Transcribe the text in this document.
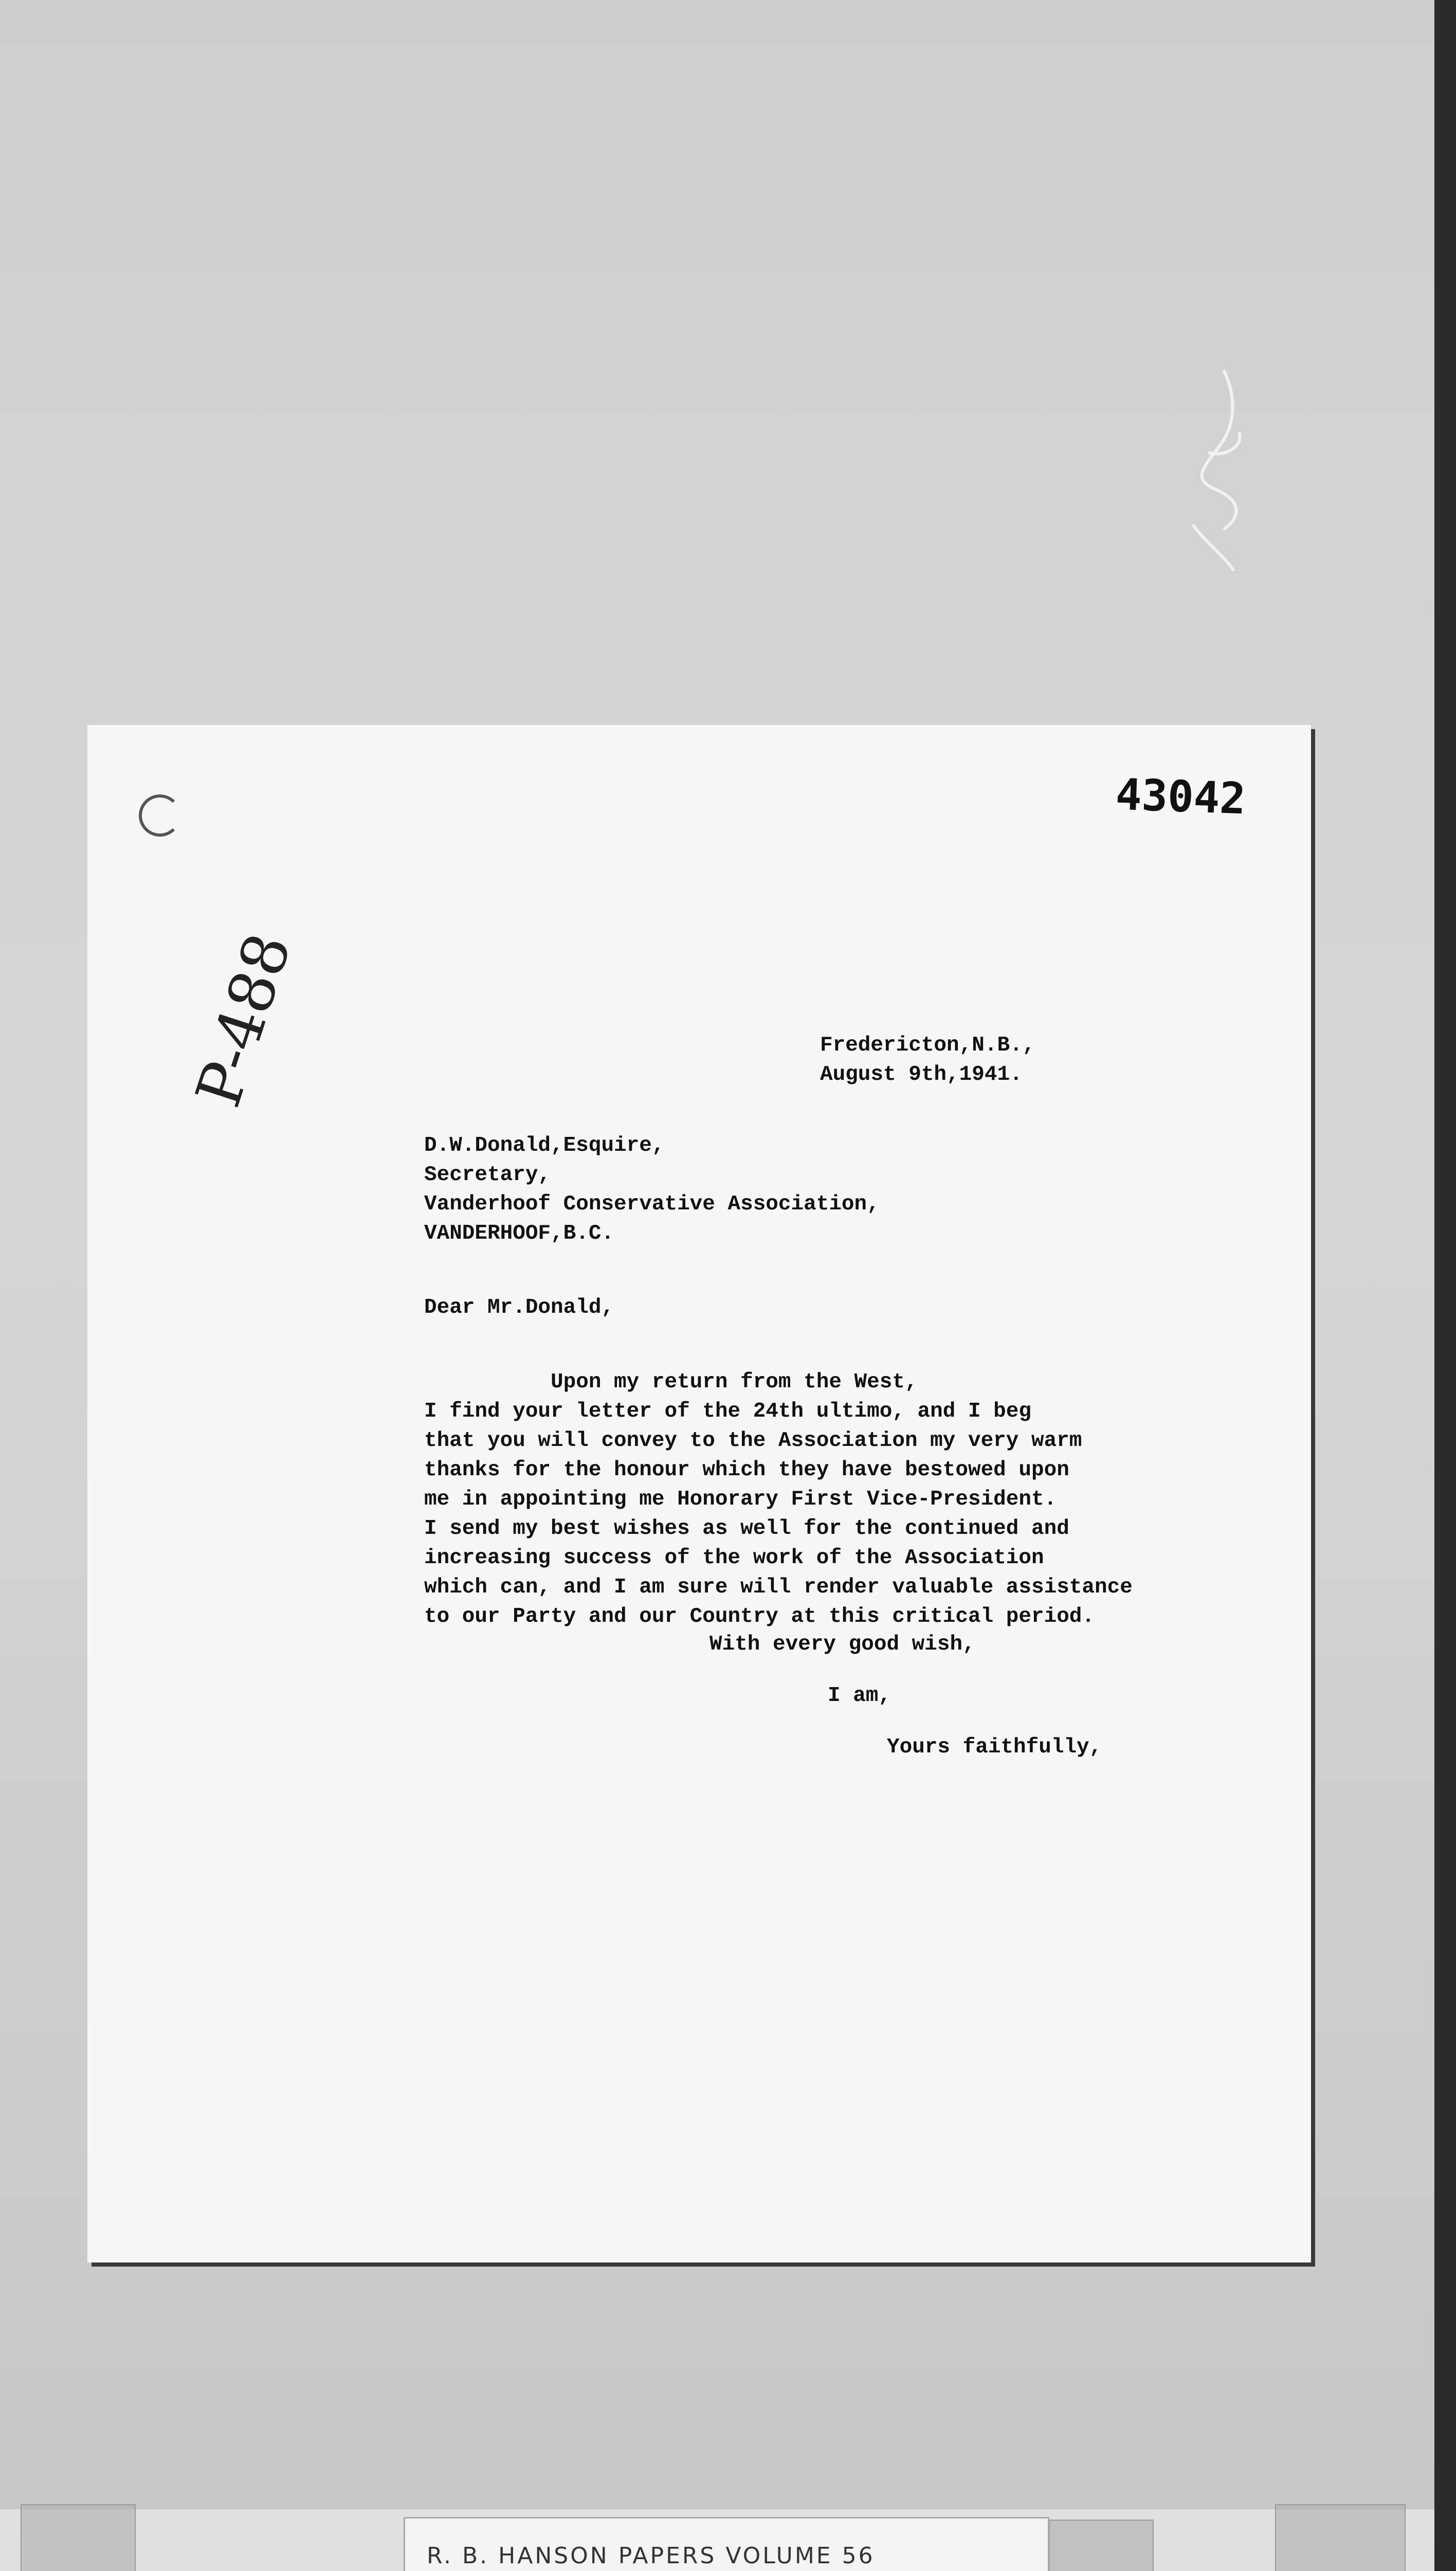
43042
P-488	Fredericton,N.B.,
August 9th,1941.
D.W.Donald,Esquire,
Secretary,
Vanderhoof Conservative Association,
VANDERHOOF,B.C.
Dear Mr.Donald,
Upon my return from the West,
I find your letter of the 24th ultimo, and I beg
that you will convey to the Association my very warm
thanks for the honour which they have bestowed upon
me in appointing me Honorary First Vice-President.
I send my best wishes as well for the continued and
increasing success of the work of the Association
which can, and I am sure will render valuable assistance
to our Party and our Country at this critical period.
With every good wish,
I am,
Yours faithfully,
R. B. HANSON PAPERS VOLUME 56
